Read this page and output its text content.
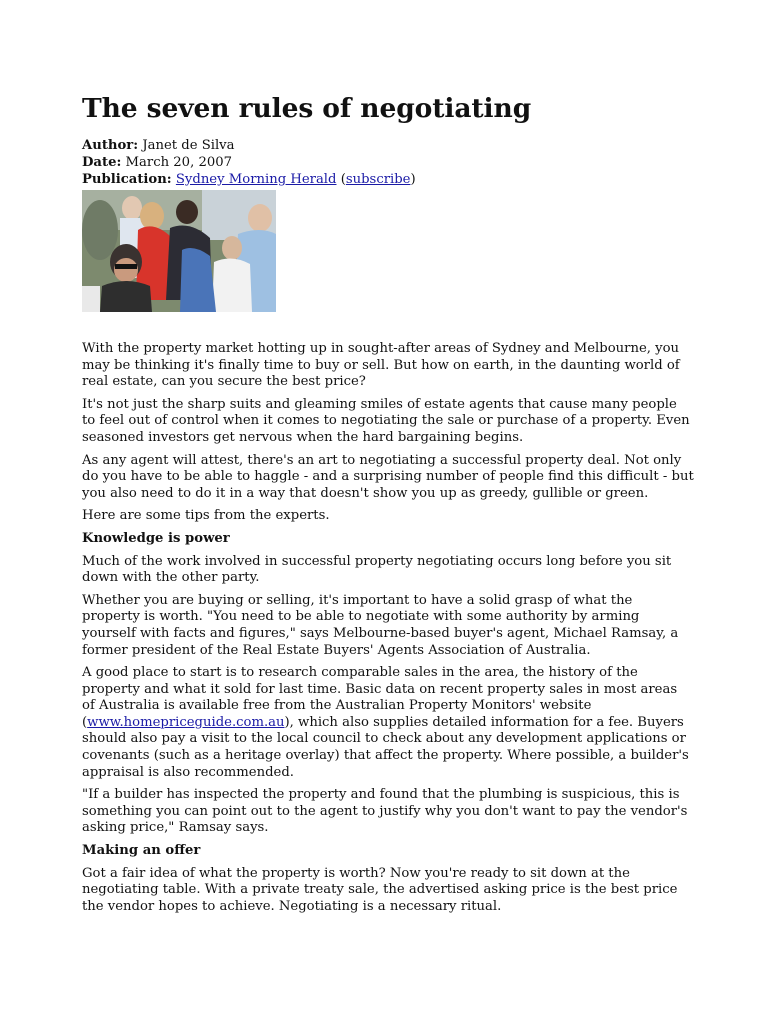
The seven rules of negotiating
Author: Janet de Silva
Date: March 20, 2007
Publication: Sydney Morning Herald (subscribe)

With the property market hotting up in sought-after areas of Sydney and Melbourne, you may be thinking it's finally time to buy or sell. But how on earth, in the daunting world of real estate, can you secure the best price?

It's not just the sharp suits and gleaming smiles of estate agents that cause many people to feel out of control when it comes to negotiating the sale or purchase of a property. Even seasoned investors get nervous when the hard bargaining begins.

As any agent will attest, there's an art to negotiating a successful property deal. Not only do you have to be able to haggle - and a surprising number of people find this difficult - but you also need to do it in a way that doesn't show you up as greedy, gullible or green.

Here are some tips from the experts.

Knowledge is power

Much of the work involved in successful property negotiating occurs long before you sit down with the other party.

Whether you are buying or selling, it's important to have a solid grasp of what the property is worth. "You need to be able to negotiate with some authority by arming yourself with facts and figures," says Melbourne-based buyer's agent, Michael Ramsay, a former president of the Real Estate Buyers' Agents Association of Australia.

A good place to start is to research comparable sales in the area, the history of the property and what it sold for last time. Basic data on recent property sales in most areas of Australia is available free from the Australian Property Monitors' website (www.homepriceguide.com.au), which also supplies detailed information for a fee. Buyers should also pay a visit to the local council to check about any development applications or covenants (such as a heritage overlay) that affect the property. Where possible, a builder's appraisal is also recommended.

"If a builder has inspected the property and found that the plumbing is suspicious, this is something you can point out to the agent to justify why you don't want to pay the vendor's asking price," Ramsay says.

Making an offer

Got a fair idea of what the property is worth? Now you're ready to sit down at the negotiating table. With a private treaty sale, the advertised asking price is the best price the vendor hopes to achieve. Negotiating is a necessary ritual.
